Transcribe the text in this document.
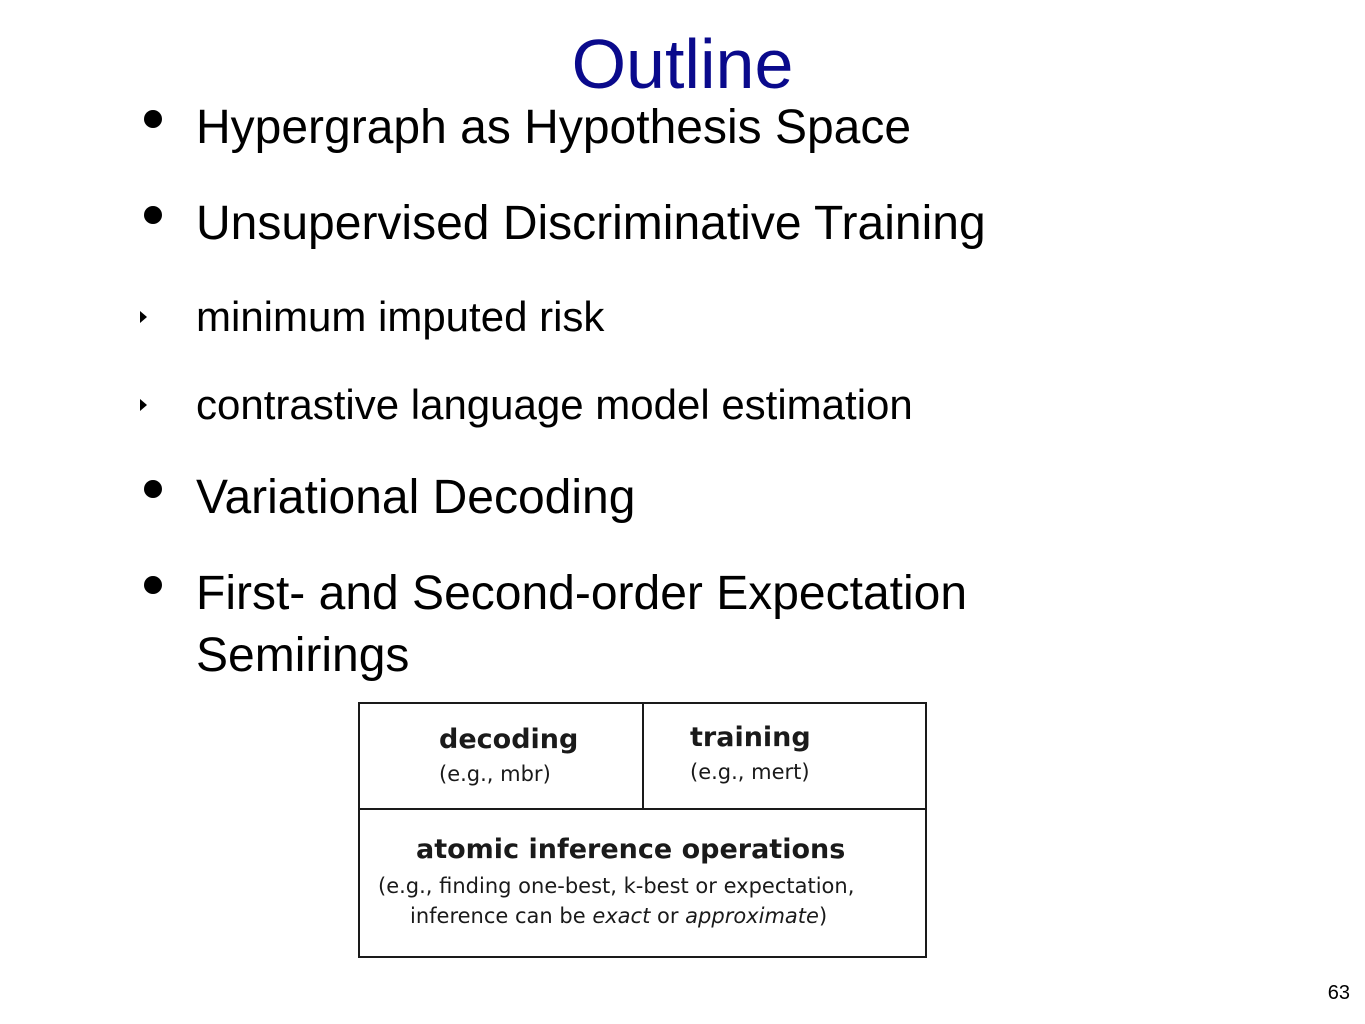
Outline
Hypergraph as Hypothesis Space
Unsupervised Discriminative Training
minimum imputed risk
contrastive language model estimation
Variational Decoding
First- and Second-order Expectation
Semirings
decoding
(e.g., mbr)
training
(e.g., mert)
atomic inference operations
(e.g., finding one-best, k-best or expectation,
inference can be exact or approximate)
63
